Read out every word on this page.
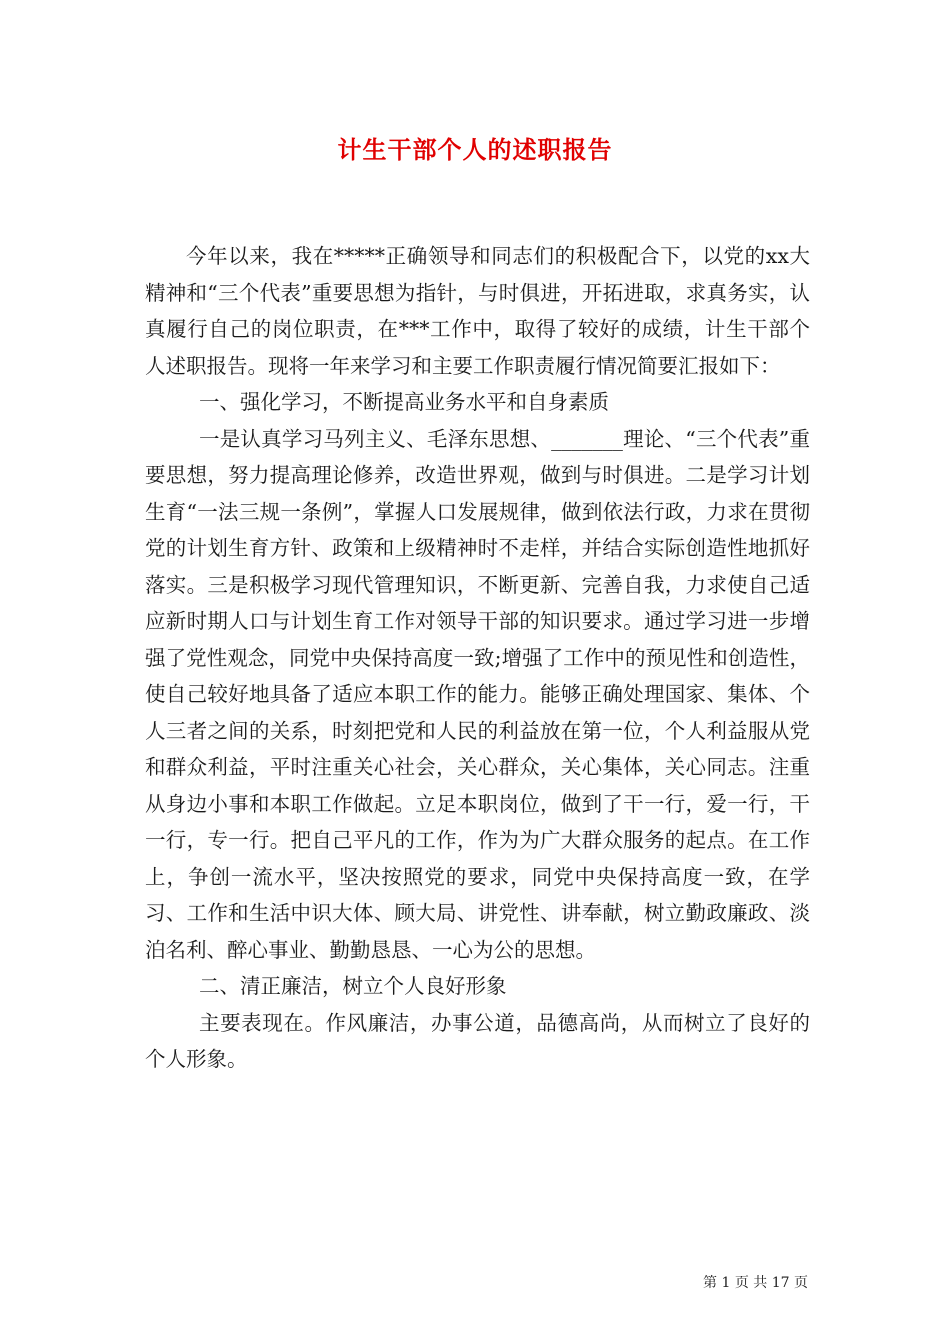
计生干部个人的述职报告

今年以来，我在*****正确领导和同志们的积极配合下，以党的xx大精神和“三个代表”重要思想为指针，与时俱进，开拓进取，求真务实，认真履行自己的岗位职责，在***工作中，取得了较好的成绩，计生干部个人述职报告。现将一年来学习和主要工作职责履行情况简要汇报如下：

一、强化学习，不断提高业务水平和自身素质

一是认真学习马列主义、毛泽东思想、_______理论、“三个代表”重要思想，努力提高理论修养，改造世界观，做到与时俱进。二是学习计划生育“一法三规一条例”，掌握人口发展规律，做到依法行政，力求在贯彻党的计划生育方针、政策和上级精神时不走样，并结合实际创造性地抓好落实。三是积极学习现代管理知识，不断更新、完善自我，力求使自己适应新时期人口与计划生育工作对领导干部的知识要求。通过学习进一步增强了党性观念，同党中央保持高度一致;增强了工作中的预见性和创造性，使自己较好地具备了适应本职工作的能力。能够正确处理国家、集体、个人三者之间的关系，时刻把党和人民的利益放在第一位，个人利益服从党和群众利益，平时注重关心社会，关心群众，关心集体，关心同志。注重从身边小事和本职工作做起。立足本职岗位，做到了干一行，爱一行，干一行，专一行。把自己平凡的工作，作为为广大群众服务的起点。在工作上，争创一流水平，坚决按照党的要求，同党中央保持高度一致，在学习、工作和生活中识大体、顾大局、讲党性、讲奉献，树立勤政廉政、淡泊名利、醉心事业、勤勤恳恳、一心为公的思想。

二、清正廉洁，树立个人良好形象

主要表现在。作风廉洁，办事公道，品德高尚，从而树立了良好的个人形象。

第 1 页 共 17 页
